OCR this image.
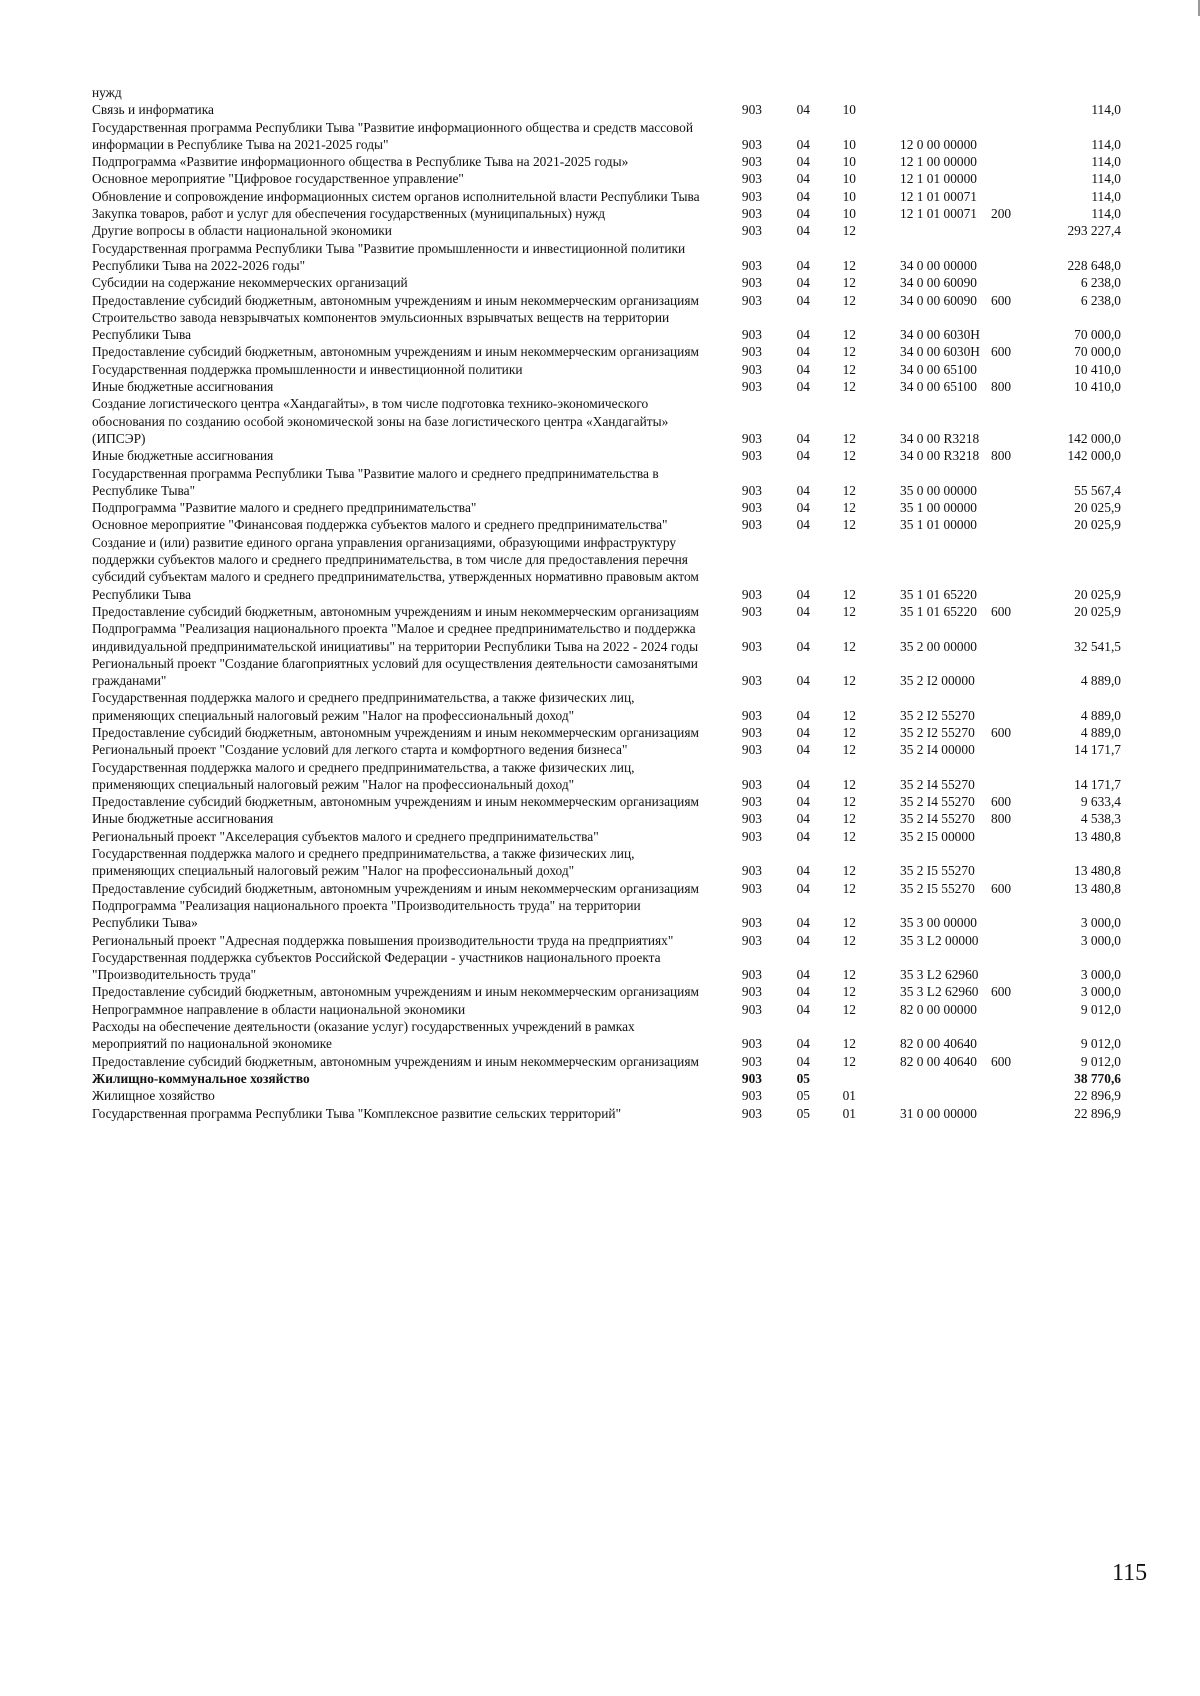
нужд
Связь и информатика	903	04	10	114,0
Государственная программа Республики Тыва "Развитие информационного общества и средств массовой информации в Республике Тыва на 2021-2025 годы"	903	04	10	12 0 00 00000	114,0
Подпрограмма «Развитие информационного общества в Республике Тыва на 2021-2025 годы»	903	04	10	12 1 00 00000	114,0
Основное мероприятие "Цифровое государственное управление"	903	04	10	12 1 01 00000	114,0
Обновление и сопровождение информационных систем органов исполнительной власти Республики Тыва	903	04	10	12 1 01 00071	114,0
Закупка товаров, работ и услуг для обеспечения государственных (муниципальных) нужд	903	04	10	12 1 01 00071	200	114,0
Другие вопросы в области национальной экономики	903	04	12	293 227,4
Государственная программа Республики Тыва "Развитие промышленности и инвестиционной политики Республики Тыва на 2022-2026 годы"	903	04	12	34 0 00 00000	228 648,0
Субсидии на содержание некоммерческих организаций	903	04	12	34 0 00 60090	6 238,0
Предоставление субсидий бюджетным, автономным учреждениям и иным некоммерческим организациям	903	04	12	34 0 00 60090	600	6 238,0
Строительство завода невзрывчатых компонентов эмульсионных взрывчатых веществ на территории Республики Тыва	903	04	12	34 0 00 6030Н	70 000,0
Предоставление субсидий бюджетным, автономным учреждениям и иным некоммерческим организациям	903	04	12	34 0 00 6030Н 600	70 000,0
Государственная поддержка промышленности и инвестиционной политики	903	04	12	34 0 00 65100	10 410,0
Иные бюджетные ассигнования	903	04	12	34 0 00 65100	800	10 410,0
Создание логистического центра «Хандагайты», в том числе подготовка технико-экономического обоснования по созданию особой экономической зоны на базе логистического центра «Хандагайты» (ИПСЭР)	903	04	12	34 0 00 R3218	142 000,0
Иные бюджетные ассигнования	903	04	12	34 0 00 R3218 800	142 000,0
Государственная программа Республики Тыва "Развитие малого и среднего предпринимательства в Республике Тыва"	903	04	12	35 0 00 00000	55 567,4
Подпрограмма "Развитие малого и среднего предпринимательства"	903	04	12	35 1 00 00000	20 025,9
Основное мероприятие "Финансовая поддержка субъектов малого и среднего предпринимательства"	903	04	12	35 1 01 00000	20 025,9
Создание и (или) развитие единого органа управления организациями, образующими инфраструктуру поддержки субъектов малого и среднего предпринимательства, в том числе для предоставления перечня субсидий субъектам малого и среднего предпринимательства, утвержденных нормативно правовым актом Республики Тыва	903	04	12	35 1 01 65220	20 025,9
Предоставление субсидий бюджетным, автономным учреждениям и иным некоммерческим организациям	903	04	12	35 1 01 65220	600	20 025,9
Подпрограмма "Реализация национального проекта "Малое и среднее предпринимательство и поддержка индивидуальной предпринимательской инициативы" на территории Республики Тыва на 2022 - 2024 годы	903	04	12	35 2 00 00000	32 541,5
Региональный проект "Создание благоприятных условий для осуществления деятельности самозанятыми гражданами"	903	04	12	35 2 I2 00000	4 889,0
Государственная поддержка малого и среднего предпринимательства, а также физических лиц, применяющих специальный налоговый режим "Налог на профессиональный доход"	903	04	12	35 2 I2 55270	4 889,0
Предоставление субсидий бюджетным, автономным учреждениям и иным некоммерческим организациям	903	04	12	35 2 I2 55270	600	4 889,0
Региональный проект "Создание условий для легкого старта и комфортного ведения бизнеса"	903	04	12	35 2 I4 00000	14 171,7
Государственная поддержка малого и среднего предпринимательства, а также физических лиц, применяющих специальный налоговый режим "Налог на профессиональный доход"	903	04	12	35 2 I4 55270	14 171,7
Предоставление субсидий бюджетным, автономным учреждениям и иным некоммерческим организациям	903	04	12	35 2 I4 55270	600	9 633,4
Иные бюджетные ассигнования	903	04	12	35 2 I4 55270	800	4 538,3
Региональный проект "Акселерация субъектов малого и среднего предпринимательства"	903	04	12	35 2 I5 00000	13 480,8
Государственная поддержка малого и среднего предпринимательства, а также физических лиц, применяющих специальный налоговый режим "Налог на профессиональный доход"	903	04	12	35 2 I5 55270	13 480,8
Предоставление субсидий бюджетным, автономным учреждениям и иным некоммерческим организациям	903	04	12	35 2 I5 55270	600	13 480,8
Подпрограмма "Реализация национального проекта "Производительность труда" на территории Республики Тыва»	903	04	12	35 3 00 00000	3 000,0
Региональный проект "Адресная поддержка повышения производительности труда на предприятиях"	903	04	12	35 3 L2 00000	3 000,0
Государственная поддержка субъектов Российской Федерации - участников национального проекта "Производительность труда"	903	04	12	35 3 L2 62960	3 000,0
Предоставление субсидий бюджетным, автономным учреждениям и иным некоммерческим организациям	903	04	12	35 3 L2 62960 600	3 000,0
Непрограммное направление в области национальной экономики	903	04	12	82 0 00 00000	9 012,0
Расходы на обеспечение деятельности (оказание услуг) государственных учреждений в рамках мероприятий по национальной экономике	903	04	12	82 0 00 40640	9 012,0
Предоставление субсидий бюджетным, автономным учреждениям и иным некоммерческим организациям	903	04	12	82 0 00 40640	600	9 012,0
Жилищно-коммунальное хозяйство	903	05	38 770,6
Жилищное хозяйство	903	05	01	22 896,9
Государственная программа Республики Тыва "Комплексное развитие сельских территорий"	903	05	01	31 0 00 00000	22 896,9
115
